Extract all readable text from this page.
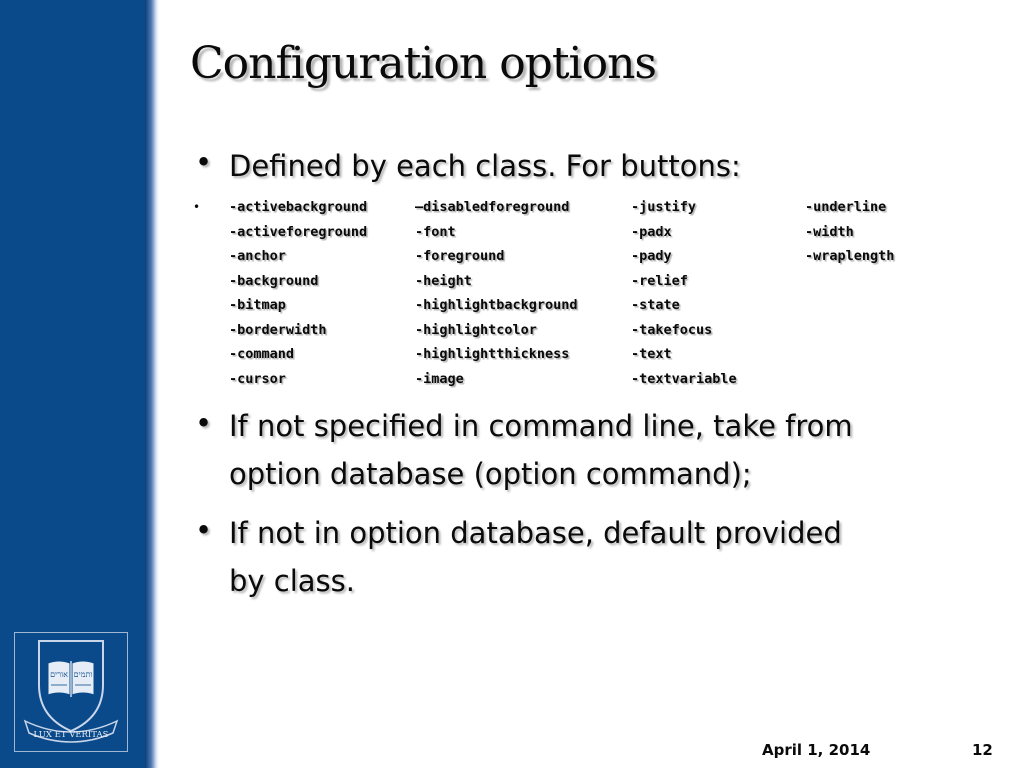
אורים ותמים
LUX ET VERITAS
Configuration options
• Defined by each class. For buttons:
• -activebackground
-activeforeground
-anchor
-background
-bitmap
-borderwidth
-command
-cursor
–disabledforeground
-font
-foreground
-height
-highlightbackground
-highlightcolor
-highlightthickness
-image
-justify
-padx
-pady
-relief
-state
-takefocus
-text
-textvariable
-underline
-width
-wraplength
• If not specified in command line, take from
option database (option command);
• If not in option database, default provided
by class.
April 1, 2014	12
